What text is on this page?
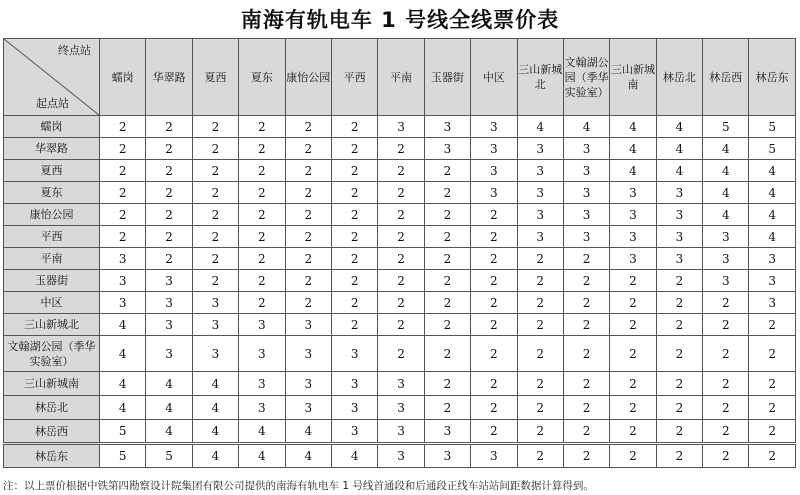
南海有轨电车 1 号线全线票价表
终点站
起点站	蠕岗	华翠路	夏西	夏东	康怡公园	平西	平南	玉器街	中区	三山新城北	文翰湖公园（季华实验室）	三山新城南	林岳北	林岳西	林岳东
蠕岗	2	2	2	2	2	2	3	3	3	4	4	4	4	5	5
华翠路	2	2	2	2	2	2	2	3	3	3	3	4	4	4	5
夏西	2	2	2	2	2	2	2	2	3	3	3	4	4	4	4
夏东	2	2	2	2	2	2	2	2	3	3	3	3	3	4	4
康怡公园	2	2	2	2	2	2	2	2	2	3	3	3	3	4	4
平西	2	2	2	2	2	2	2	2	2	3	3	3	3	3	4
平南	3	2	2	2	2	2	2	2	2	2	2	3	3	3	3
玉器街	3	3	2	2	2	2	2	2	2	2	2	2	2	3	3
中区	3	3	3	2	2	2	2	2	2	2	2	2	2	2	3
三山新城北	4	3	3	3	3	2	2	2	2	2	2	2	2	2	2
文翰湖公园（季华实验室）	4	3	3	3	3	3	2	2	2	2	2	2	2	2	2
三山新城南	4	4	4	3	3	3	3	2	2	2	2	2	2	2	2
林岳北	4	4	4	3	3	3	3	2	2	2	2	2	2	2	2
林岳西	5	4	4	4	4	3	3	3	2	2	2	2	2	2	2
林岳东	5	5	4	4	4	4	3	3	3	2	2	2	2	2	2
注：以上票价根据中铁第四勘察设计院集团有限公司提供的南海有轨电车 1 号线首通段和后通段正线车站站间距数据计算得到。
